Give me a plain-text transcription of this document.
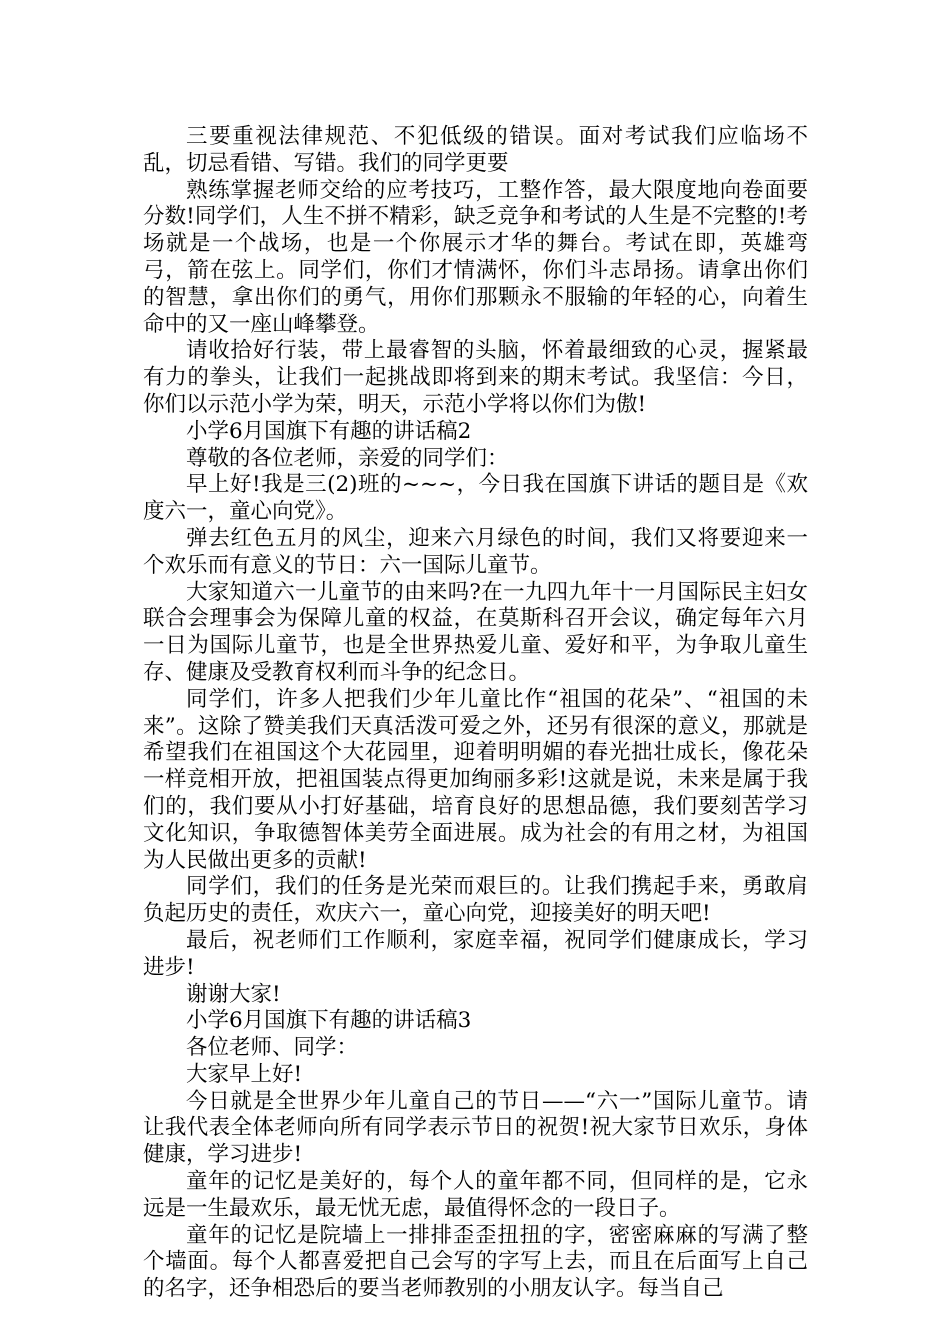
三要重视法律规范、不犯低级的错误。面对考试我们应临场不乱，切忌看错、写错。我们的同学更要

熟练掌握老师交给的应考技巧，工整作答，最大限度地向卷面要分数!同学们，人生不拼不精彩，缺乏竞争和考试的人生是不完整的!考场就是一个战场，也是一个你展示才华的舞台。考试在即，英雄弯弓，箭在弦上。同学们，你们才情满怀，你们斗志昂扬。请拿出你们的智慧，拿出你们的勇气，用你们那颗永不服输的年轻的心，向着生命中的又一座山峰攀登。

请收拾好行装，带上最睿智的头脑，怀着最细致的心灵，握紧最有力的拳头，让我们一起挑战即将到来的期末考试。我坚信：今日，你们以示范小学为荣，明天，示范小学将以你们为傲!

小学6月国旗下有趣的讲话稿2

尊敬的各位老师，亲爱的同学们：

早上好!我是三(2)班的~~~，今日我在国旗下讲话的题目是《欢度六一，童心向党》。

弹去红色五月的风尘，迎来六月绿色的时间，我们又将要迎来一个欢乐而有意义的节日：六一国际儿童节。

大家知道六一儿童节的由来吗?在一九四九年十一月国际民主妇女联合会理事会为保障儿童的权益，在莫斯科召开会议，确定每年六月一日为国际儿童节，也是全世界热爱儿童、爱好和平，为争取儿童生存、健康及受教育权利而斗争的纪念日。

同学们，许多人把我们少年儿童比作“祖国的花朵”、“祖国的未来”。这除了赞美我们天真活泼可爱之外，还另有很深的意义，那就是希望我们在祖国这个大花园里，迎着明明媚的春光拙壮成长，像花朵一样竞相开放，把祖国装点得更加绚丽多彩!这就是说，未来是属于我们的，我们要从小打好基础，培育良好的思想品德，我们要刻苦学习文化知识，争取德智体美劳全面进展。成为社会的有用之材，为祖国为人民做出更多的贡献!

同学们，我们的任务是光荣而艰巨的。让我们携起手来，勇敢肩负起历史的责任，欢庆六一，童心向党，迎接美好的明天吧!

最后，祝老师们工作顺利，家庭幸福，祝同学们健康成长，学习进步!

谢谢大家!

小学6月国旗下有趣的讲话稿3

各位老师、同学：

大家早上好!

今日就是全世界少年儿童自己的节日——“六一”国际儿童节。请让我代表全体老师向所有同学表示节日的祝贺!祝大家节日欢乐，身体健康，学习进步!

童年的记忆是美好的，每个人的童年都不同，但同样的是，它永远是一生最欢乐，最无忧无虑，最值得怀念的一段日子。

童年的记忆是院墙上一排排歪歪扭扭的字，密密麻麻的写满了整个墙面。每个人都喜爱把自己会写的字写上去，而且在后面写上自己的名字，还争相恐后的要当老师教别的小朋友认字。每当自己
